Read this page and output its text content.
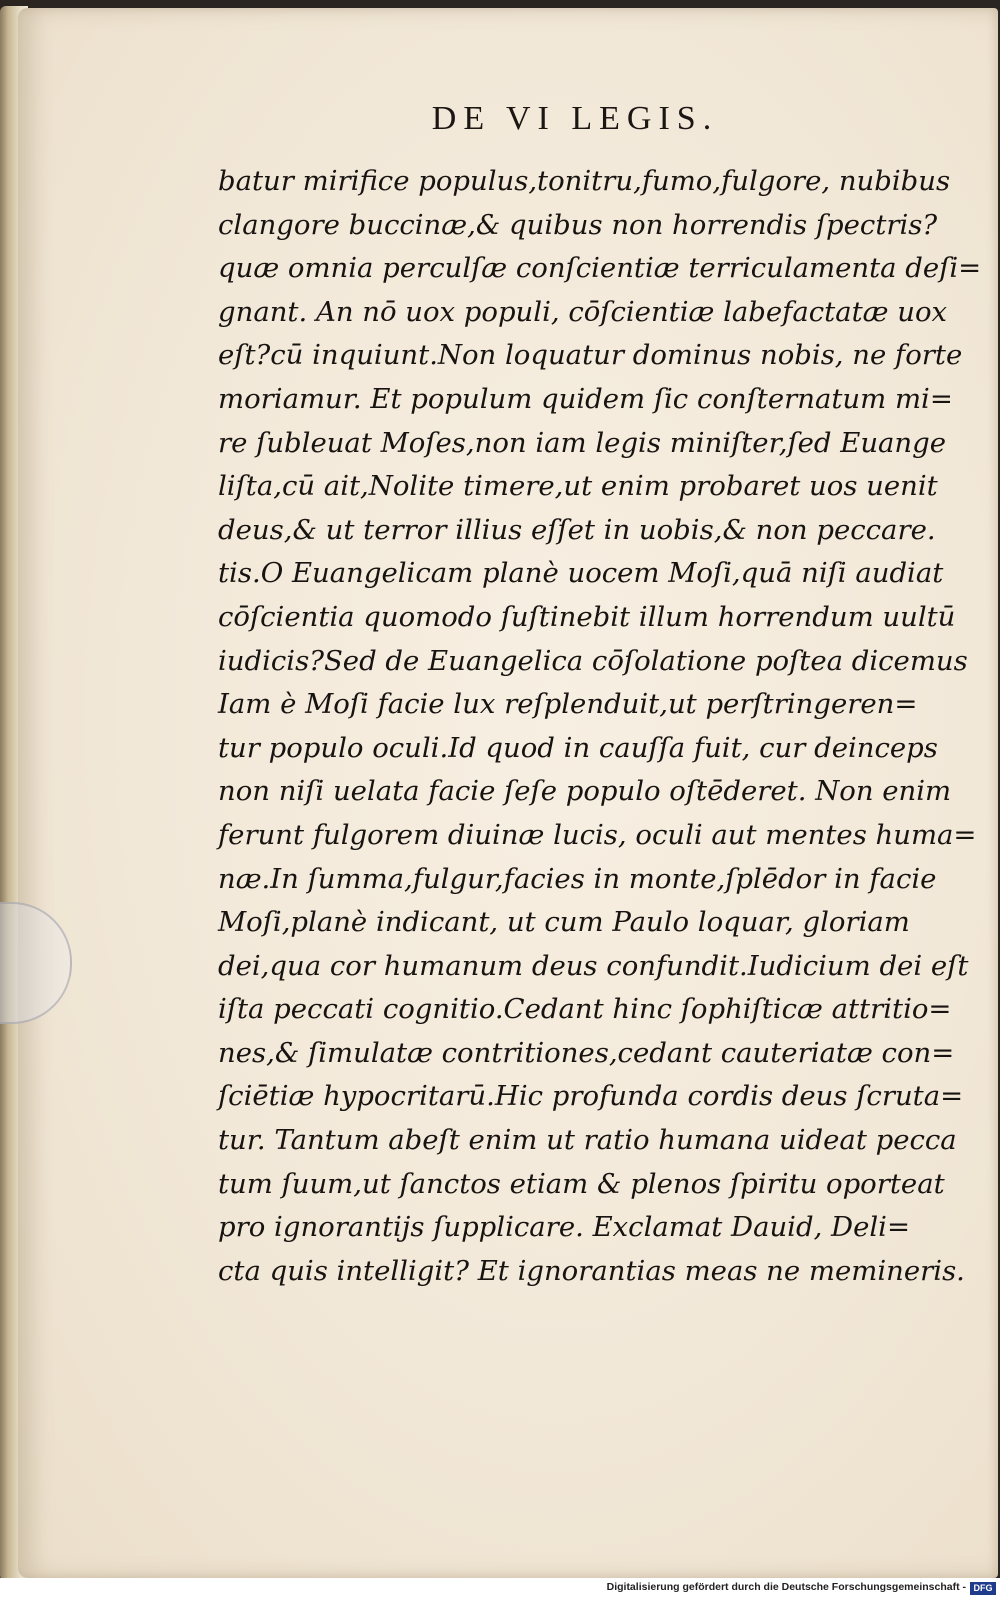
DE VI LEGIS.
batur mirifice populus,tonitru,fumo,fulgore, nubibus
clangore buccinæ,& quibus non horrendis ſpectris?
quæ omnia perculſæ conſcientiæ terriculamenta deſi=
gnant. An nō uox populi, cōſcientiæ labefactatæ uox
eſt?cū inquiunt.Non loquatur dominus nobis, ne forte
moriamur. Et populum quidem ſic conſternatum mi=
re ſubleuat Moſes,non iam legis miniſter,ſed Euange
liſta,cū ait,Nolite timere,ut enim probaret uos uenit
deus,& ut terror illius eſſet in uobis,& non peccare.
tis.O Euangelicam planè uocem Moſi,quā niſi audiat
cōſcientia quomodo ſuſtinebit illum horrendum uultū
iudicis?Sed de Euangelica cōſolatione poſtea dicemus
Iam è Moſi facie lux reſplenduit,ut perſtringeren=
tur populo oculi.Id quod in cauſſa fuit, cur deinceps
non niſi uelata facie ſeſe populo oſtēderet. Non enim
ferunt fulgorem diuinæ lucis, oculi aut mentes huma=
næ.In ſumma,fulgur,facies in monte,ſplēdor in facie
Moſi,planè indicant, ut cum Paulo loquar, gloriam
dei,qua cor humanum deus confundit.Iudicium dei eſt
iſta peccati cognitio.Cedant hinc ſophiſticæ attritio=
nes,& ſimulatæ contritiones,cedant cauteriatæ con=
ſciētiæ hypocritarū.Hic profunda cordis deus ſcruta=
tur. Tantum abeſt enim ut ratio humana uideat pecca
tum ſuum,ut ſanctos etiam & plenos ſpiritu oporteat
pro ignorantijs ſupplicare. Exclamat Dauid, Deli=
cta quis intelligit? Et ignorantias meas ne memineris.
Digitalisierung gefördert durch die Deutsche Forschungsgemeinschaft - DFG
